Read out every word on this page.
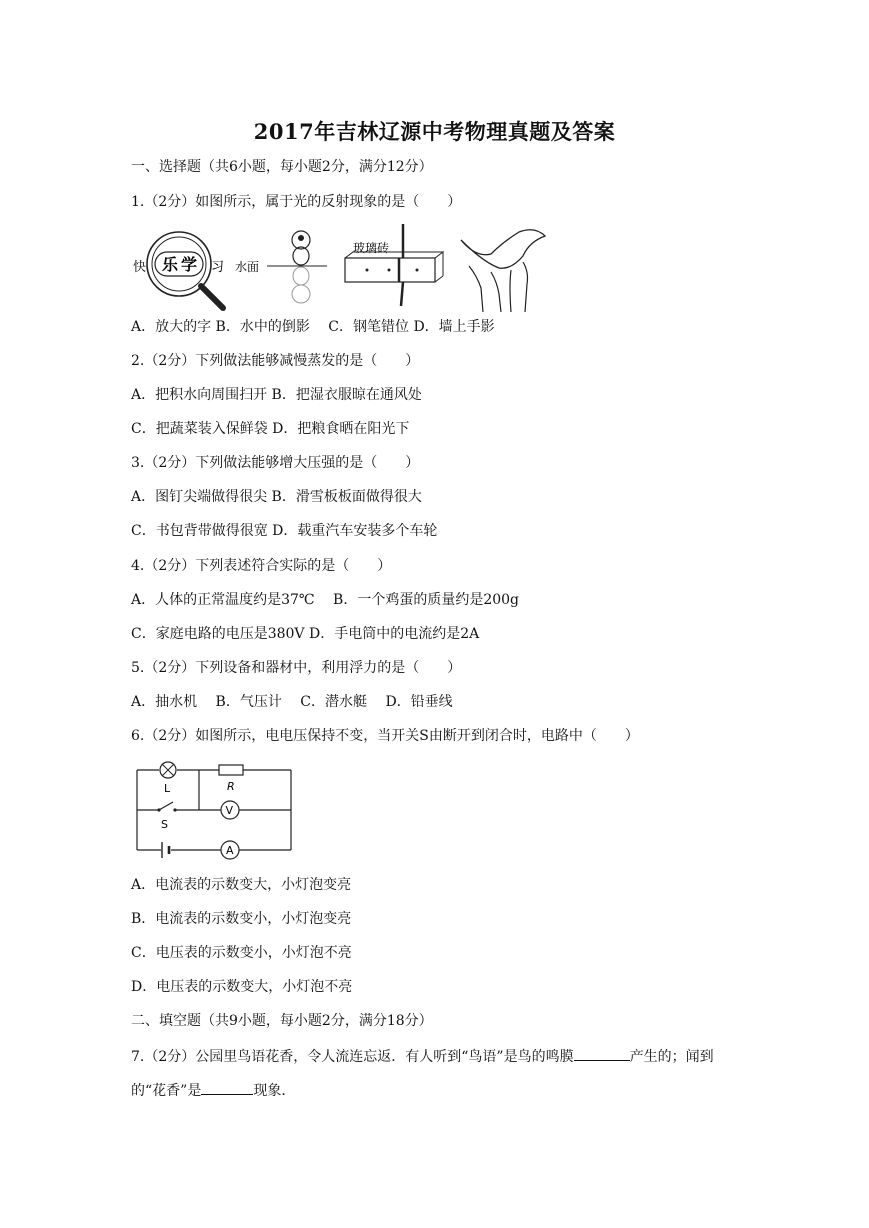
2017年吉林辽源中考物理真题及答案
一、选择题（共6小题，每小题2分，满分12分）
1.（2分）如图所示，属于光的反射现象的是（　　）
快 乐 学 习 水面
玻璃砖
A．放大的字 B．水中的倒影　 C．钢笔错位 D．墙上手影
2.（2分）下列做法能够减慢蒸发的是（　　）
A．把积水向周围扫开 B．把湿衣服晾在通风处
C．把蔬菜装入保鲜袋 D．把粮食晒在阳光下
3.（2分）下列做法能够增大压强的是（　　）
A．图钉尖端做得很尖 B．滑雪板板面做得很大
C．书包背带做得很宽 D．载重汽车安装多个车轮
4.（2分）下列表述符合实际的是（　　）
A．人体的正常温度约是37℃　 B．一个鸡蛋的质量约是200g
C．家庭电路的电压是380V D．手电筒中的电流约是2A
5.（2分）下列设备和器材中，利用浮力的是（　　）
A．抽水机　 B．气压计　 C．潜水艇　 D．铅垂线
6.（2分）如图所示，电电压保持不变，当开关S由断开到闭合时，电路中（　　）
L	R
S
V
A
A．电流表的示数变大，小灯泡变亮
B．电流表的示数变小，小灯泡变亮
C．电压表的示数变小，小灯泡不亮
D．电压表的示数变大，小灯泡不亮
二、填空题（共9小题，每小题2分，满分18分）
7.（2分）公园里鸟语花香，令人流连忘返．有人听到“鸟语”是鸟的鸣膜	产生的；闻到
的“花香”是	现象．
